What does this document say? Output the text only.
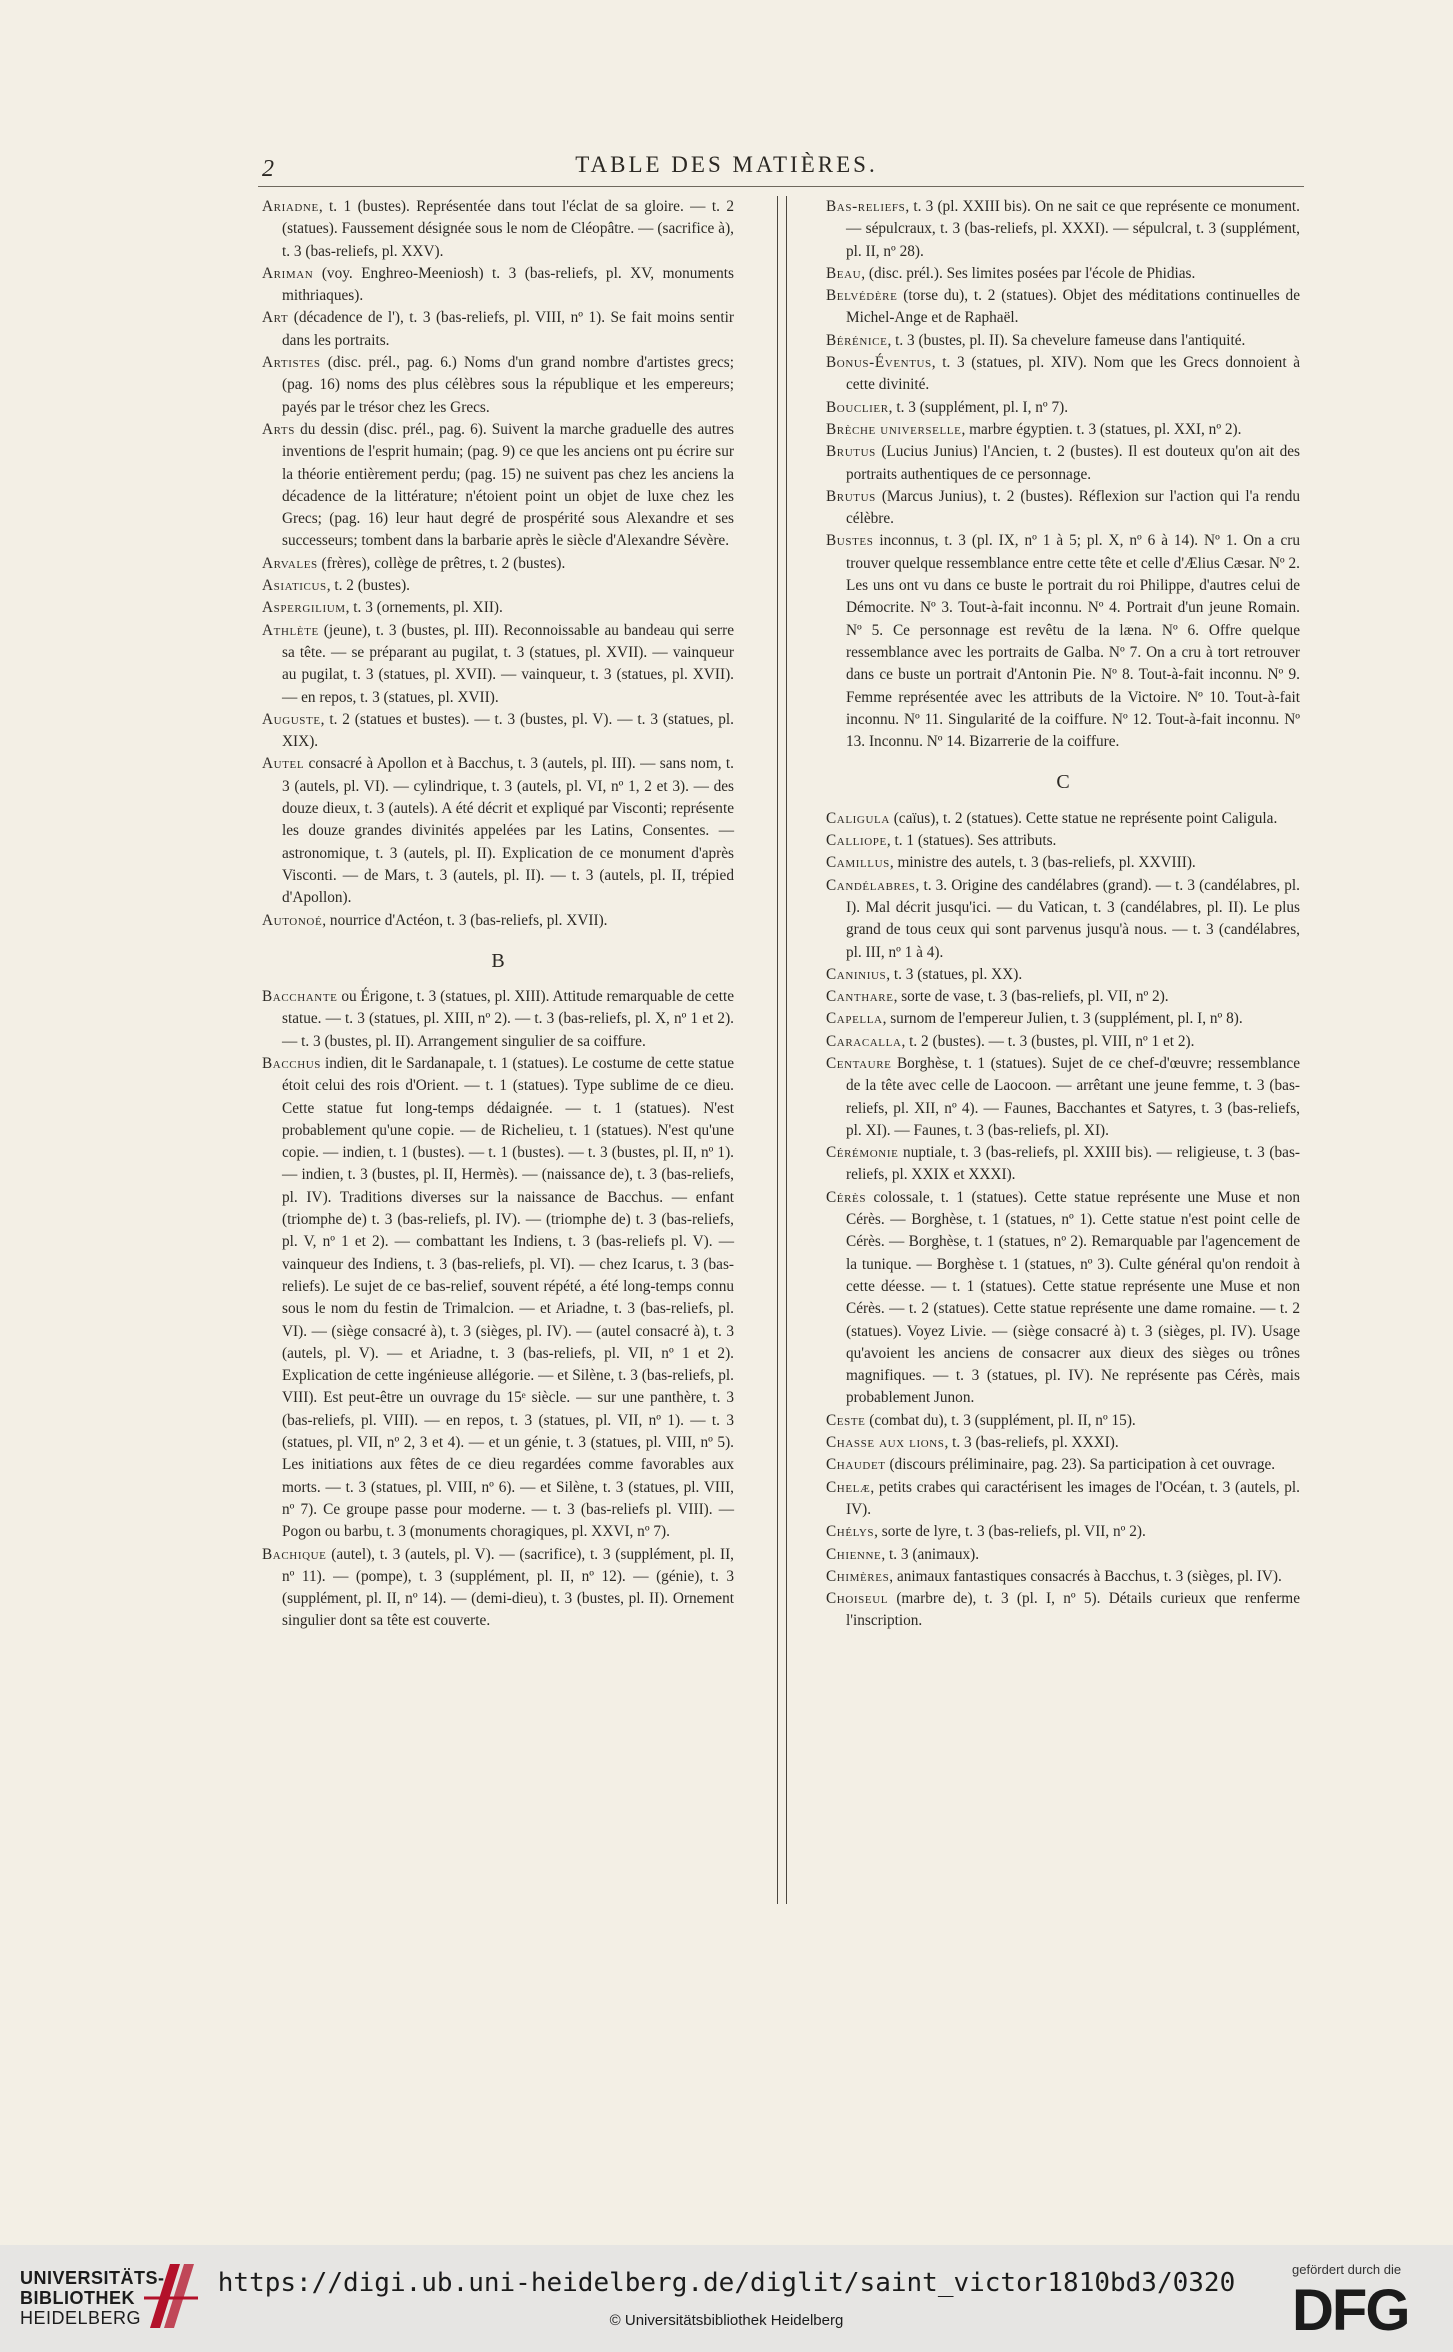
2	TABLE DES MATIÈRES.

Ariadne, t. 1 (bustes). Représentée dans tout l'éclat de sa gloire. — t. 2 (statues). Faussement désignée sous le nom de Cléopâtre. — (sacrifice à), t. 3 (bas-reliefs, pl. XXV).

Ariman (voy. Enghreo-Meeniosh) t. 3 (bas-reliefs, pl. XV, monuments mithriaques).

Art (décadence de l'), t. 3 (bas-reliefs, pl. VIII, nº 1). Se fait moins sentir dans les portraits.

Artistes (disc. prél., pag. 6.) Noms d'un grand nombre d'artistes grecs; (pag. 16) noms des plus célèbres sous la république et les empereurs; payés par le trésor chez les Grecs.

Arts du dessin (disc. prél., pag. 6). Suivent la marche graduelle des autres inventions de l'esprit humain; (pag. 9) ce que les anciens ont pu écrire sur la théorie entièrement perdu; (pag. 15) ne suivent pas chez les anciens la décadence de la littérature; n'étoient point un objet de luxe chez les Grecs; (pag. 16) leur haut degré de prospérité sous Alexandre et ses successeurs; tombent dans la barbarie après le siècle d'Alexandre Sévère.

Arvales (frères), collège de prêtres, t. 2 (bustes).

Asiaticus, t. 2 (bustes).

Aspergilium, t. 3 (ornements, pl. XII).

Athlète (jeune), t. 3 (bustes, pl. III). Reconnoissable au bandeau qui serre sa tête. — se préparant au pugilat, t. 3 (statues, pl. XVII). — vainqueur au pugilat, t. 3 (statues, pl. XVII). — vainqueur, t. 3 (statues, pl. XVII). — en repos, t. 3 (statues, pl. XVII).

Auguste, t. 2 (statues et bustes). — t. 3 (bustes, pl. V). — t. 3 (statues, pl. XIX).

Autel consacré à Apollon et à Bacchus, t. 3 (autels, pl. III). — sans nom, t. 3 (autels, pl. VI). — cylindrique, t. 3 (autels, pl. VI, nº 1, 2 et 3). — des douze dieux, t. 3 (autels). A été décrit et expliqué par Visconti; représente les douze grandes divinités appelées par les Latins, Consentes. — astronomique, t. 3 (autels, pl. II). Explication de ce monument d'après Visconti. — de Mars, t. 3 (autels, pl. II). — t. 3 (autels, pl. II, trépied d'Apollon).

Autonoé, nourrice d'Actéon, t. 3 (bas-reliefs, pl. XVII).

B

Bacchante ou Érigone, t. 3 (statues, pl. XIII). Attitude remarquable de cette statue. — t. 3 (statues, pl. XIII, nº 2). — t. 3 (bas-reliefs, pl. X, nº 1 et 2). — t. 3 (bustes, pl. II). Arrangement singulier de sa coiffure.

Bacchus indien, dit le Sardanapale, t. 1 (statues). Le costume de cette statue étoit celui des rois d'Orient. — t. 1 (statues). Type sublime de ce dieu. Cette statue fut long-temps dédaignée. — t. 1 (statues). N'est probablement qu'une copie. — de Richelieu, t. 1 (statues). N'est qu'une copie. — indien, t. 1 (bustes). — t. 1 (bustes). — t. 3 (bustes, pl. II, nº 1). — indien, t. 3 (bustes, pl. II, Hermès). — (naissance de), t. 3 (bas-reliefs, pl. IV). Traditions diverses sur la naissance de Bacchus. — enfant (triomphe de) t. 3 (bas-reliefs, pl. IV). — (triomphe de) t. 3 (bas-reliefs, pl. V, nº 1 et 2). — combattant les Indiens, t. 3 (bas-reliefs pl. V). — vainqueur des Indiens, t. 3 (bas-reliefs, pl. VI). — chez Icarus, t. 3 (bas-reliefs). Le sujet de ce bas-relief, souvent répété, a été long-temps connu sous le nom du festin de Trimalcion. — et Ariadne, t. 3 (bas-reliefs, pl. VI). — (siège consacré à), t. 3 (sièges, pl. IV). — (autel consacré à), t. 3 (autels, pl. V). — et Ariadne, t. 3 (bas-reliefs, pl. VII, nº 1 et 2). Explication de cette ingénieuse allégorie. — et Silène, t. 3 (bas-reliefs, pl. VIII). Est peut-être un ouvrage du 15ᵉ siècle. — sur une panthère, t. 3 (bas-reliefs, pl. VIII). — en repos, t. 3 (statues, pl. VII, nº 1). — t. 3 (statues, pl. VII, nº 2, 3 et 4). — et un génie, t. 3 (statues, pl. VIII, nº 5). Les initiations aux fêtes de ce dieu regardées comme favorables aux morts. — t. 3 (statues, pl. VIII, nº 6). — et Silène, t. 3 (statues, pl. VIII, nº 7). Ce groupe passe pour moderne. — t. 3 (bas-reliefs pl. VIII). — Pogon ou barbu, t. 3 (monuments choragiques, pl. XXVI, nº 7).

Bachique (autel), t. 3 (autels, pl. V). — (sacrifice), t. 3 (supplément, pl. II, nº 11). — (pompe), t. 3 (supplément, pl. II, nº 12). — (génie), t. 3 (supplément, pl. II, nº 14). — (demi-dieu), t. 3 (bustes, pl. II). Ornement singulier dont sa tête est couverte.

Bas-reliefs, t. 3 (pl. XXIII bis). On ne sait ce que représente ce monument. — sépulcraux, t. 3 (bas-reliefs, pl. XXXI). — sépulcral, t. 3 (supplément, pl. II, nº 28).

Beau, (disc. prél.). Ses limites posées par l'école de Phidias.

Belvédère (torse du), t. 2 (statues). Objet des méditations continuelles de Michel-Ange et de Raphaël.

Bérénice, t. 3 (bustes, pl. II). Sa chevelure fameuse dans l'antiquité.

Bonus-Éventus, t. 3 (statues, pl. XIV). Nom que les Grecs donnoient à cette divinité.

Bouclier, t. 3 (supplément, pl. I, nº 7).

Brèche universelle, marbre égyptien. t. 3 (statues, pl. XXI, nº 2).

Brutus (Lucius Junius) l'Ancien, t. 2 (bustes). Il est douteux qu'on ait des portraits authentiques de ce personnage.

Brutus (Marcus Junius), t. 2 (bustes). Réflexion sur l'action qui l'a rendu célèbre.

Bustes inconnus, t. 3 (pl. IX, nº 1 à 5; pl. X, nº 6 à 14). Nº 1. On a cru trouver quelque ressemblance entre cette tête et celle d'Ælius Cæsar. Nº 2. Les uns ont vu dans ce buste le portrait du roi Philippe, d'autres celui de Démocrite. Nº 3. Tout-à-fait inconnu. Nº 4. Portrait d'un jeune Romain. Nº 5. Ce personnage est revêtu de la læna. Nº 6. Offre quelque ressemblance avec les portraits de Galba. Nº 7. On a cru à tort retrouver dans ce buste un portrait d'Antonin Pie. Nº 8. Tout-à-fait inconnu. Nº 9. Femme représentée avec les attributs de la Victoire. Nº 10. Tout-à-fait inconnu. Nº 11. Singularité de la coiffure. Nº 12. Tout-à-fait inconnu. Nº 13. Inconnu. Nº 14. Bizarrerie de la coiffure.

C

Caligula (caïus), t. 2 (statues). Cette statue ne représente point Caligula.

Calliope, t. 1 (statues). Ses attributs.

Camillus, ministre des autels, t. 3 (bas-reliefs, pl. XXVIII).

Candélabres, t. 3. Origine des candélabres (grand). — t. 3 (candélabres, pl. I). Mal décrit jusqu'ici. — du Vatican, t. 3 (candélabres, pl. II). Le plus grand de tous ceux qui sont parvenus jusqu'à nous. — t. 3 (candélabres, pl. III, nº 1 à 4).

Caninius, t. 3 (statues, pl. XX).

Canthare, sorte de vase, t. 3 (bas-reliefs, pl. VII, nº 2).

Capella, surnom de l'empereur Julien, t. 3 (supplément, pl. I, nº 8).

Caracalla, t. 2 (bustes). — t. 3 (bustes, pl. VIII, nº 1 et 2).

Centaure Borghèse, t. 1 (statues). Sujet de ce chef-d'œuvre; ressemblance de la tête avec celle de Laocoon. — arrêtant une jeune femme, t. 3 (bas-reliefs, pl. XII, nº 4). — Faunes, Bacchantes et Satyres, t. 3 (bas-reliefs, pl. XI). — Faunes, t. 3 (bas-reliefs, pl. XI).

Cérémonie nuptiale, t. 3 (bas-reliefs, pl. XXIII bis). — religieuse, t. 3 (bas-reliefs, pl. XXIX et XXXI).

Cérès colossale, t. 1 (statues). Cette statue représente une Muse et non Cérès. — Borghèse, t. 1 (statues, nº 1). Cette statue n'est point celle de Cérès. — Borghèse, t. 1 (statues, nº 2). Remarquable par l'agencement de la tunique. — Borghèse t. 1 (statues, nº 3). Culte général qu'on rendoit à cette déesse. — t. 1 (statues). Cette statue représente une Muse et non Cérès. — t. 2 (statues). Cette statue représente une dame romaine. — t. 2 (statues). Voyez Livie. — (siège consacré à) t. 3 (sièges, pl. IV). Usage qu'avoient les anciens de consacrer aux dieux des sièges ou trônes magnifiques. — t. 3 (statues, pl. IV). Ne représente pas Cérès, mais probablement Junon.

Ceste (combat du), t. 3 (supplément, pl. II, nº 15).

Chasse aux lions, t. 3 (bas-reliefs, pl. XXXI).

Chaudet (discours préliminaire, pag. 23). Sa participation à cet ouvrage.

Chelæ, petits crabes qui caractérisent les images de l'Océan, t. 3 (autels, pl. IV).

Chélys, sorte de lyre, t. 3 (bas-reliefs, pl. VII, nº 2).

Chienne, t. 3 (animaux).

Chimères, animaux fantastiques consacrés à Bacchus, t. 3 (sièges, pl. IV).

Choiseul (marbre de), t. 3 (pl. I, nº 5). Détails curieux que renferme l'inscription.

UNIVERSITÄTS-
BIBLIOTHEK
HEIDELBERG
https://digi.ub.uni-heidelberg.de/diglit/saint_victor1810bd3/0320
© Universitätsbibliothek Heidelberg
gefördert durch die
DFG
